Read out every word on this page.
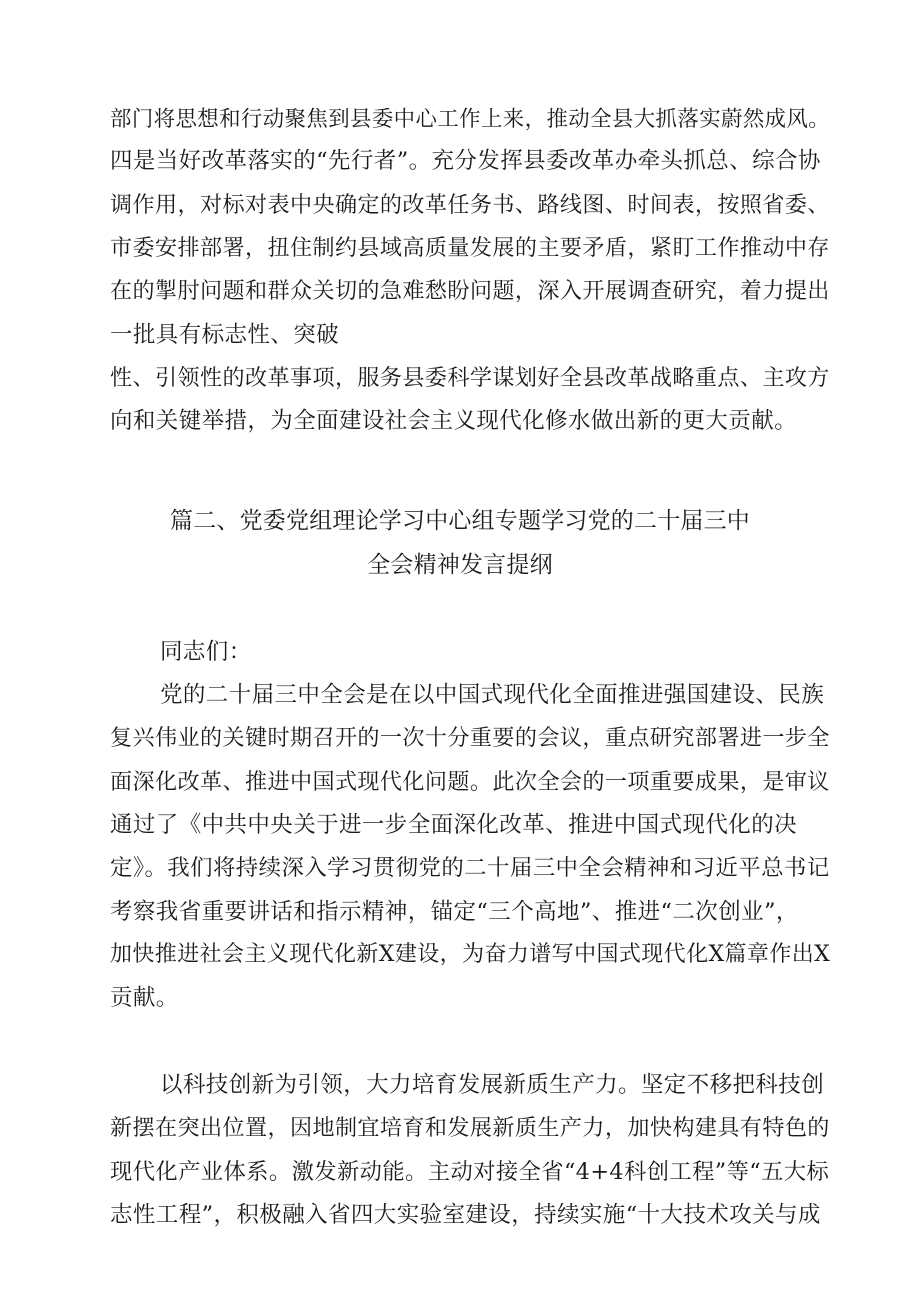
部门将思想和行动聚焦到县委中心工作上来，推动全县大抓落实蔚然成风。
四是当好改革落实的“先行者”。充分发挥县委改革办牵头抓总、综合协
调作用，对标对表中央确定的改革任务书、路线图、时间表，按照省委、
市委安排部署，扭住制约县域高质量发展的主要矛盾，紧盯工作推动中存
在的掣肘问题和群众关切的急难愁盼问题，深入开展调查研究，着力提出
一批具有标志性、突破
性、引领性的改革事项，服务县委科学谋划好全县改革战略重点、主攻方
向和关键举措，为全面建设社会主义现代化修水做出新的更大贡献。
篇二、党委党组理论学习中心组专题学习党的二十届三中
全会精神发言提纲
同志们：
党的二十届三中全会是在以中国式现代化全面推进强国建设、民族
复兴伟业的关键时期召开的一次十分重要的会议，重点研究部署进一步全
面深化改革、推进中国式现代化问题。此次全会的一项重要成果，是审议
通过了《中共中央关于进一步全面深化改革、推进中国式现代化的决
定》。我们将持续深入学习贯彻党的二十届三中全会精神和习近平总书记
考察我省重要讲话和指示精神，锚定“三个高地”、推进“二次创业”，
加快推进社会主义现代化新X建设，为奋力谱写中国式现代化X篇章作出X
贡献。
以科技创新为引领，大力培育发展新质生产力。坚定不移把科技创
新摆在突出位置，因地制宜培育和发展新质生产力，加快构建具有特色的
现代化产业体系。激发新动能。主动对接全省“4+4科创工程”等“五大标
志性工程”，积极融入省四大实验室建设，持续实施“十大技术攻关与成
